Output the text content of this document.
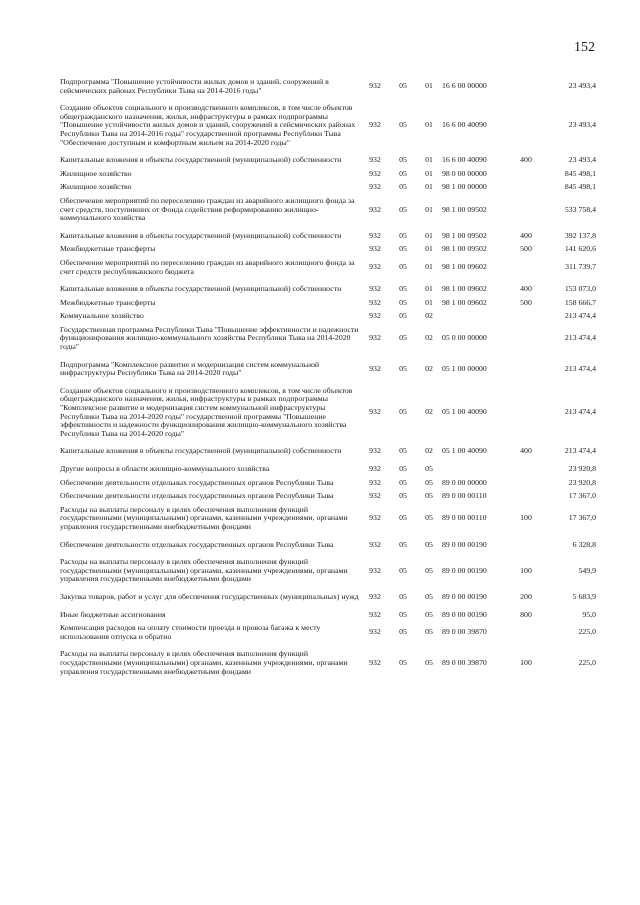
152
Подпрограмма "Повышение устойчивости жилых домов и зданий, сооружений в сейсмических районах Республики Тыва на 2014-2016 годы"	932	05	01	16 6 00 00000		23 493,4
Создание объектов социального и производственного комплексов, в том числе объектов общегражданского назначения, жилья, инфраструктуры в рамках подпрограммы "Повышение устойчивости жилых домов и зданий, сооружений в сейсмических районах Республики Тыва на 2014-2016 годы" государственной программы Республики Тыва "Обеспечение доступным и комфортным жильем на 2014-2020 годы"	932	05	01	16 6 00 40090		23 493,4
Капитальные вложения в объекты государственной (муниципальной) собственности	932	05	01	16 6 00 40090	400	23 493,4
Жилищное хозяйство	932	05	01	98 0 00 00000		845 498,1
Жилищное хозяйство	932	05	01	98 1 00 00000		845 498,1
Обеспечение мероприятий по переселению граждан из аварийного жилищного фонда за счет средств, поступивших от Фонда содействия реформированию жилищно-коммунального хозяйства	932	05	01	98 1 00 09502		533 758,4
Капитальные вложения в объекты государственной (муниципальной) собственности	932	05	01	98 1 00 09502	400	392 137,8
Межбюджетные трансферты	932	05	01	98 1 00 09502	500	141 620,6
Обеспечение мероприятий по переселению граждан из аварийного жилищного фонда за счет средств республиканского бюджета	932	05	01	98 1 00 09602		311 739,7
Капитальные вложения в объекты государственной (муниципальной) собственности	932	05	01	98 1 00 09602	400	153 073,0
Межбюджетные трансферты	932	05	01	98 1 00 09602	500	158 666,7
Коммунальное хозяйство	932	05	02			213 474,4
Государственная программа Республики Тыва "Повышение эффективности и надежности функционирования жилищно-коммунального хозяйства Республики Тыва на 2014-2020 годы"	932	05	02	05 0 00 00000		213 474,4
Подпрограмма "Комплексное развитие и модернизация систем коммунальной инфраструктуры Республики Тыва на 2014-2020 годы"	932	05	02	05 1 00 00000		213 474,4
Создание объектов социального и производственного комплексов, в том числе объектов общегражданского назначения, жилья, инфраструктуры в рамках подпрограммы "Комплексное развитие и модернизация систем коммунальной инфраструктуры Республики Тыва на 2014-2020 годы" государственной программы "Повышение эффективности и надежности функционирования жилищно-коммунального хозяйства Республики Тыва на 2014-2020 годы"	932	05	02	05 1 00 40090		213 474,4
Капитальные вложения в объекты государственной (муниципальной) собственности	932	05	02	05 1 00 40090	400	213 474,4
Другие вопросы в области жилищно-коммунального хозяйства	932	05	05			23 920,8
Обеспечение деятельности отдельных государственных органов Республики Тыва	932	05	05	89 0 00 00000		23 920,8
Обеспечение деятельности отдельных государственных органов Республики Тыва	932	05	05	89 0 00 00110		17 367,0
Расходы на выплаты персоналу в целях обеспечения выполнения функций государственными (муниципальными) органами, казенными учреждениями, органами управления государственными внебюджетными фондами	932	05	05	89 0 00 00110	100	17 367,0
Обеспечение деятельности отдельных государственных органов Республики Тыва	932	05	05	89 0 00 00190		6 328,8
Расходы на выплаты персоналу в целях обеспечения выполнения функций государственными (муниципальными) органами, казенными учреждениями, органами управления государственными внебюджетными фондами	932	05	05	89 0 00 00190	100	549,9
Закупка товаров, работ и услуг для обеспечения государственных (муниципальных) нужд	932	05	05	89 0 00 00190	200	5 683,9
Иные бюджетные ассигнования	932	05	05	89 0 00 00190	800	95,0
Компенсация расходов на оплату стоимости проезда и провоза багажа к месту использования отпуска и обратно	932	05	05	89 0 00 39870		225,0
Расходы на выплаты персоналу в целях обеспечения выполнения функций государственными (муниципальными) органами, казенными учреждениями, органами управления государственными внебюджетными фондами	932	05	05	89 0 00 39870	100	225,0
